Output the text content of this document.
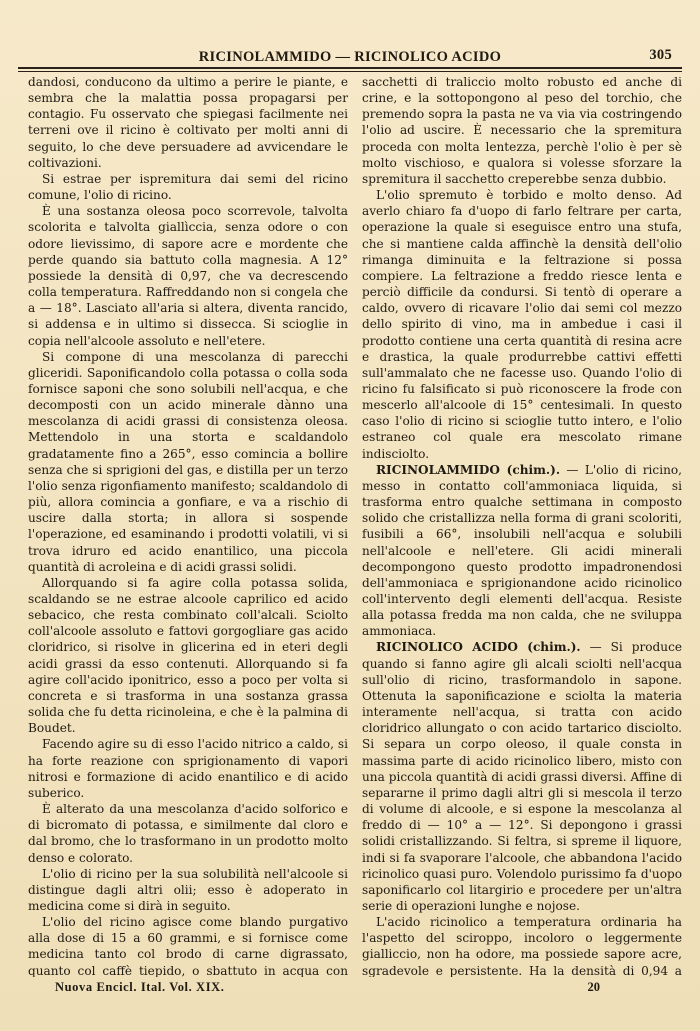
RICINOLAMMIDO — RICINOLICO ACIDO	305

dandosi, conducono da ultimo a perire le piante, e sembra che la malattia possa propagarsi per contagio. Fu osservato che spiegasi facilmente nei terreni ove il ricino è coltivato per molti anni di seguito, lo che deve persuadere ad avvicendare le coltivazioni.

Si estrae per ispremitura dai semi del ricino comune, l'olio di ricino.

È una sostanza oleosa poco scorrevole, talvolta scolorita e talvolta giallìccia, senza odore o con odore lievissimo, di sapore acre e mordente che perde quando sia battuto colla magnesia. A 12° possiede la densità di 0,97, che va decrescendo colla temperatura. Raffreddando non si congela che a — 18°. Lasciato all'aria si altera, diventa rancido, si addensa e in ultimo si dissecca. Si scioglie in copia nell'alcoole assoluto e nell'etere.

Si compone di una mescolanza di parecchi gliceridi. Saponificandolo colla potassa o colla soda fornisce saponi che sono solubili nell'acqua, e che decomposti con un acido minerale dànno una mescolanza di acidi grassi di consistenza oleosa. Mettendolo in una storta e scaldandolo gradatamente fino a 265°, esso comincia a bollire senza che si sprigioni del gas, e distilla per un terzo l'olio senza rigonfiamento manifesto; scaldandolo di più, allora comincia a gonfiare, e va a rischio di uscire dalla storta; in allora si sospende l'operazione, ed esaminando i prodotti volatili, vi si trova idruro ed acido enantilico, una piccola quantità di acroleina e di acidi grassi solidi.

Allorquando si fa agire colla potassa solida, scaldando se ne estrae alcoole caprilico ed acido sebacico, che resta combinato coll'alcali. Sciolto coll'alcoole assoluto e fattovi gorgogliare gas acido cloridrico, si risolve in glicerina ed in eteri degli acidi grassi da esso contenuti. Allorquando si fa agire coll'acido iponitrico, esso a poco per volta si concreta e si trasforma in una sostanza grassa solida che fu detta ricinoleina, e che è la palmina di Boudet.

Facendo agire su di esso l'acido nitrico a caldo, si ha forte reazione con sprigionamento di vapori nitrosi e formazione di acido enantilico e di acido suberico.

È alterato da una mescolanza d'acido solforico e di bicromato di potassa, e similmente dal cloro e dal bromo, che lo trasformano in un prodotto molto denso e colorato.

L'olio di ricino per la sua solubilità nell'alcoole si distingue dagli altri olii; esso è adoperato in medicina come si dirà in seguito.

L'olio del ricino agisce come blando purgativo alla dose di 15 a 60 grammi, e si fornisce come medicina tanto col brodo di carne digrassato, quanto col caffè tiepido, o sbattuto in acqua con

sacchetti di traliccio molto robusto ed anche di crine, e la sottopongono al peso del torchio, che premendo sopra la pasta ne va via via costringendo l'olio ad uscire. È necessario che la spremitura proceda con molta lentezza, perchè l'olio è per sè molto vischioso, e qualora si volesse sforzare la spremitura il sacchetto creperebbe senza dubbio.

L'olio spremuto è torbido e molto denso. Ad averlo chiaro fa d'uopo di farlo feltrare per carta, operazione la quale si eseguisce entro una stufa, che si mantiene calda affinchè la densità dell'olio rimanga diminuita e la feltrazione si possa compiere. La feltrazione a freddo riesce lenta e perciò difficile da condursi. Si tentò di operare a caldo, ovvero di ricavare l'olio dai semi col mezzo dello spirito di vino, ma in ambedue i casi il prodotto contiene una certa quantità di resina acre e drastica, la quale produrrebbe cattivi effetti sull'ammalato che ne facesse uso. Quando l'olio di ricino fu falsificato si può riconoscere la frode con mescerlo all'alcoole di 15° centesimali. In questo caso l'olio di ricino si scioglie tutto intero, e l'olio estraneo col quale era mescolato rimane indisciolto.

RICINOLAMMIDO (chim.). — L'olio di ricino, messo in contatto coll'ammoniaca liquida, si trasforma entro qualche settimana in composto solido che cristallizza nella forma di grani scoloriti, fusibili a 66°, insolubili nell'acqua e solubili nell'alcoole e nell'etere. Gli acidi minerali decompongono questo prodotto impadronendosi dell'ammoniaca e sprigionandone acido ricinolico coll'intervento degli elementi dell'acqua. Resiste alla potassa fredda ma non calda, che ne sviluppa ammoniaca.

RICINOLICO ACIDO (chim.). — Si produce quando si fanno agire gli alcali sciolti nell'acqua sull'olio di ricino, trasformandolo in sapone. Ottenuta la saponificazione e sciolta la materia interamente nell'acqua, si tratta con acido cloridrico allungato o con acido tartarico disciolto. Si separa un corpo oleoso, il quale consta in massima parte di acido ricinolico libero, misto con una piccola quantità di acidi grassi diversi. Affine di separarne il primo dagli altri gli si mescola il terzo di volume di alcoole, e si espone la mescolanza al freddo di — 10° a — 12°. Si depongono i grassi solidi cristallizzando. Si feltra, si spreme il liquore, indi si fa svaporare l'alcoole, che abbandona l'acido ricinolico quasi puro. Volendolo purissimo fa d'uopo saponificarlo col litargirio e procedere per un'altra serie di operazioni lunghe e nojose.

L'acido ricinolico a temperatura ordinaria ha l'aspetto del sciroppo, incoloro o leggermente gialliccio, non ha odore, ma possiede sapore acre, sgradevole e persistente. Ha la densità di 0,94 a

Nuova Encicl. Ital. Vol. XIX.	20
